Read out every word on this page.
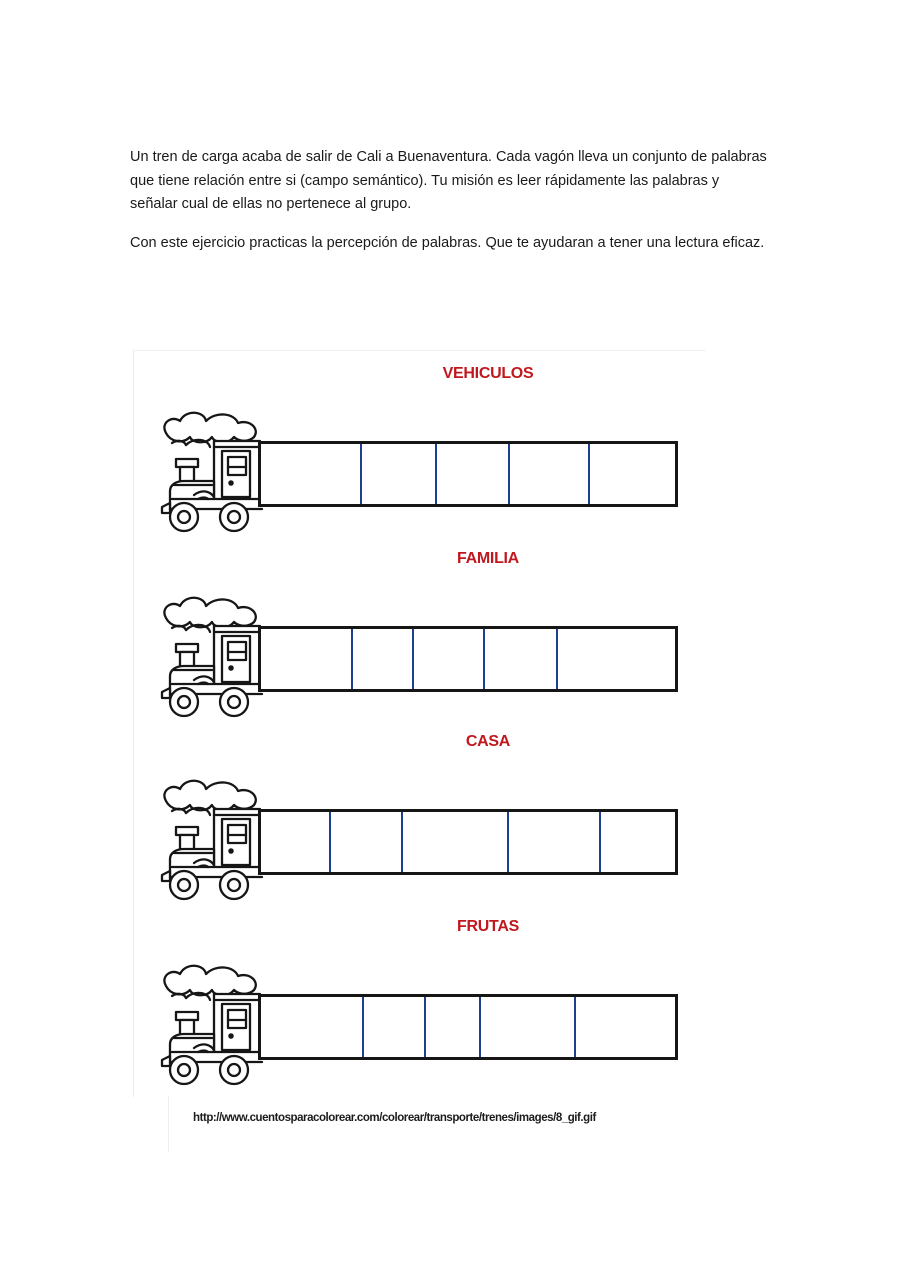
Un tren de carga acaba de salir de Cali a Buenaventura. Cada vagón lleva un conjunto de palabras que tiene relación entre si (campo semántico). Tu misión es leer rápidamente las palabras y señalar cual de ellas no pertenece al grupo.

Con este ejercicio practicas la percepción de palabras. Que te ayudaran a tener una lectura eficaz.

VEHICULOS
FAMILIA
CASA
FRUTAS
http://www.cuentosparacolorear.com/colorear/transporte/trenes/images/8_gif.gif
